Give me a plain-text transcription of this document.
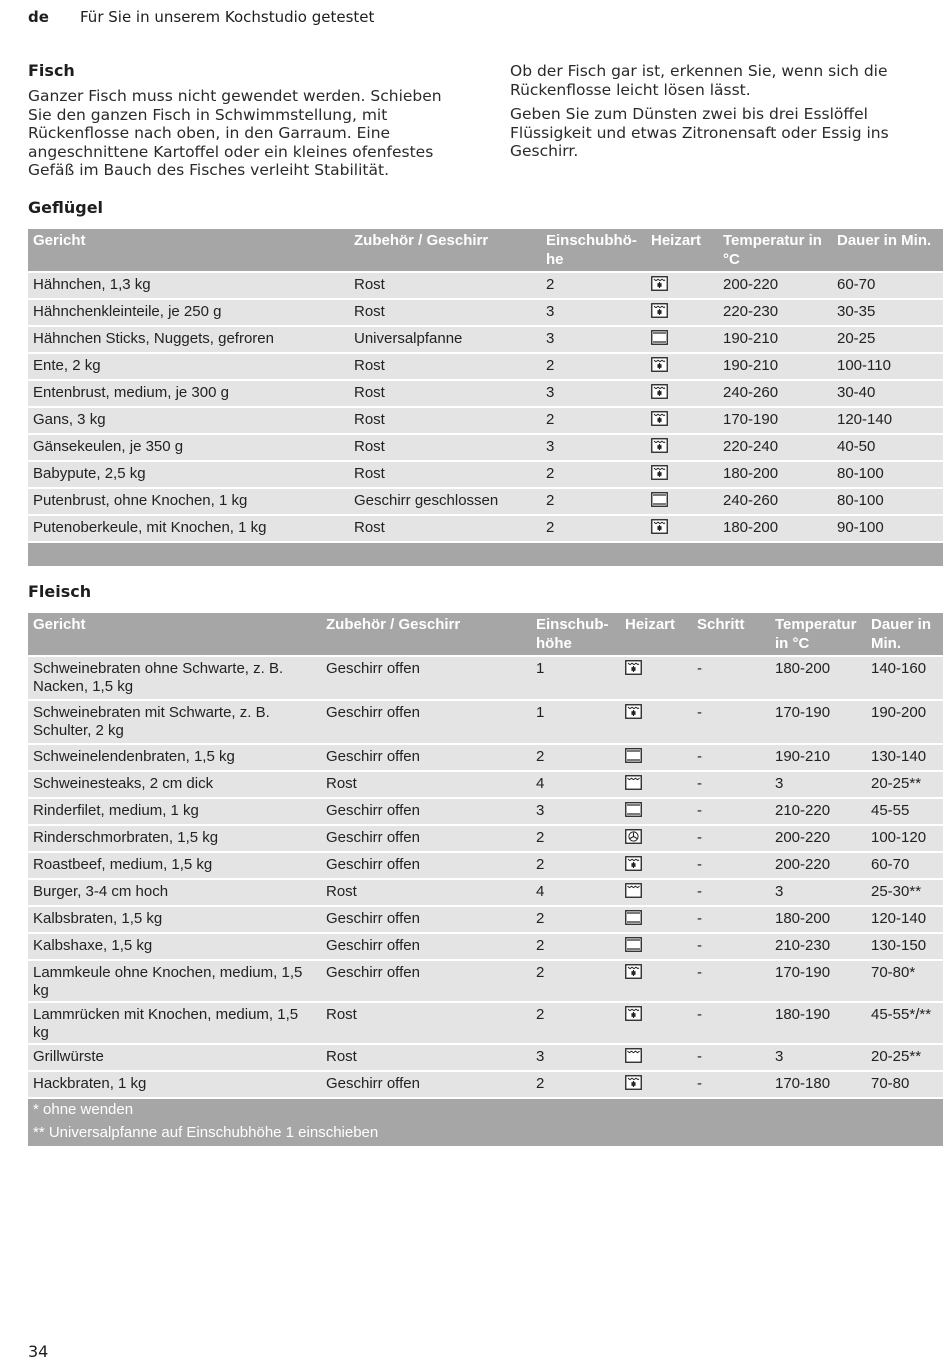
de Für Sie in unserem Kochstudio getestet
Fisch

Ganzer Fisch muss nicht gewendet werden. Schieben Sie den ganzen Fisch in Schwimmstellung, mit Rückenflosse nach oben, in den Garraum. Eine angeschnittene Kartoffel oder ein kleines ofenfestes Gefäß im Bauch des Fisches verleiht Stabilität.

Ob der Fisch gar ist, erkennen Sie, wenn sich die Rückenflosse leicht lösen lässt.

Geben Sie zum Dünsten zwei bis drei Esslöffel Flüssigkeit und etwas Zitronensaft oder Essig ins Geschirr.

Geflügel
Gericht	Zubehör / Geschirr	Einschubhö-he	Heizart	Temperatur in °C	Dauer in Min.
Hähnchen, 1,3 kg	Rost	2		200-220	60-70
Hähnchenkleinteile, je 250 g	Rost	3		220-230	30-35
Hähnchen Sticks, Nuggets, gefroren	Universalpfanne	3		190-210	20-25
Ente, 2 kg	Rost	2		190-210	100-110
Entenbrust, medium, je 300 g	Rost	3		240-260	30-40
Gans, 3 kg	Rost	2		170-190	120-140
Gänsekeulen, je 350 g	Rost	3		220-240	40-50
Babypute, 2,5 kg	Rost	2		180-200	80-100
Putenbrust, ohne Knochen, 1 kg	Geschirr geschlossen	2		240-260	80-100
Putenoberkeule, mit Knochen, 1 kg	Rost	2		180-200	90-100

Fleisch
Gericht	Zubehör / Geschirr	Einschub-höhe	Heizart	Schritt	Temperatur in °C	Dauer in Min.
Schweinebraten ohne Schwarte, z. B. Nacken, 1,5 kg	Geschirr offen	1		-	180-200	140-160
Schweinebraten mit Schwarte, z. B. Schulter, 2 kg	Geschirr offen	1		-	170-190	190-200
Schweinelendenbraten, 1,5 kg	Geschirr offen	2		-	190-210	130-140
Schweinesteaks, 2 cm dick	Rost	4		-	3	20-25**
Rinderfilet, medium, 1 kg	Geschirr offen	3		-	210-220	45-55
Rinderschmorbraten, 1,5 kg	Geschirr offen	2		-	200-220	100-120
Roastbeef, medium, 1,5 kg	Geschirr offen	2		-	200-220	60-70
Burger, 3-4 cm hoch	Rost	4		-	3	25-30**
Kalbsbraten, 1,5 kg	Geschirr offen	2		-	180-200	120-140
Kalbshaxe, 1,5 kg	Geschirr offen	2		-	210-230	130-150
Lammkeule ohne Knochen, medium, 1,5 kg	Geschirr offen	2		-	170-190	70-80*
Lammrücken mit Knochen, medium, 1,5 kg	Rost	2		-	180-190	45-55*/**
Grillwürste	Rost	3		-	3	20-25**
Hackbraten, 1 kg	Geschirr offen	2		-	170-180	70-80
* ohne wenden						
** Universalpfanne auf Einschubhöhe 1 einschieben						
34
